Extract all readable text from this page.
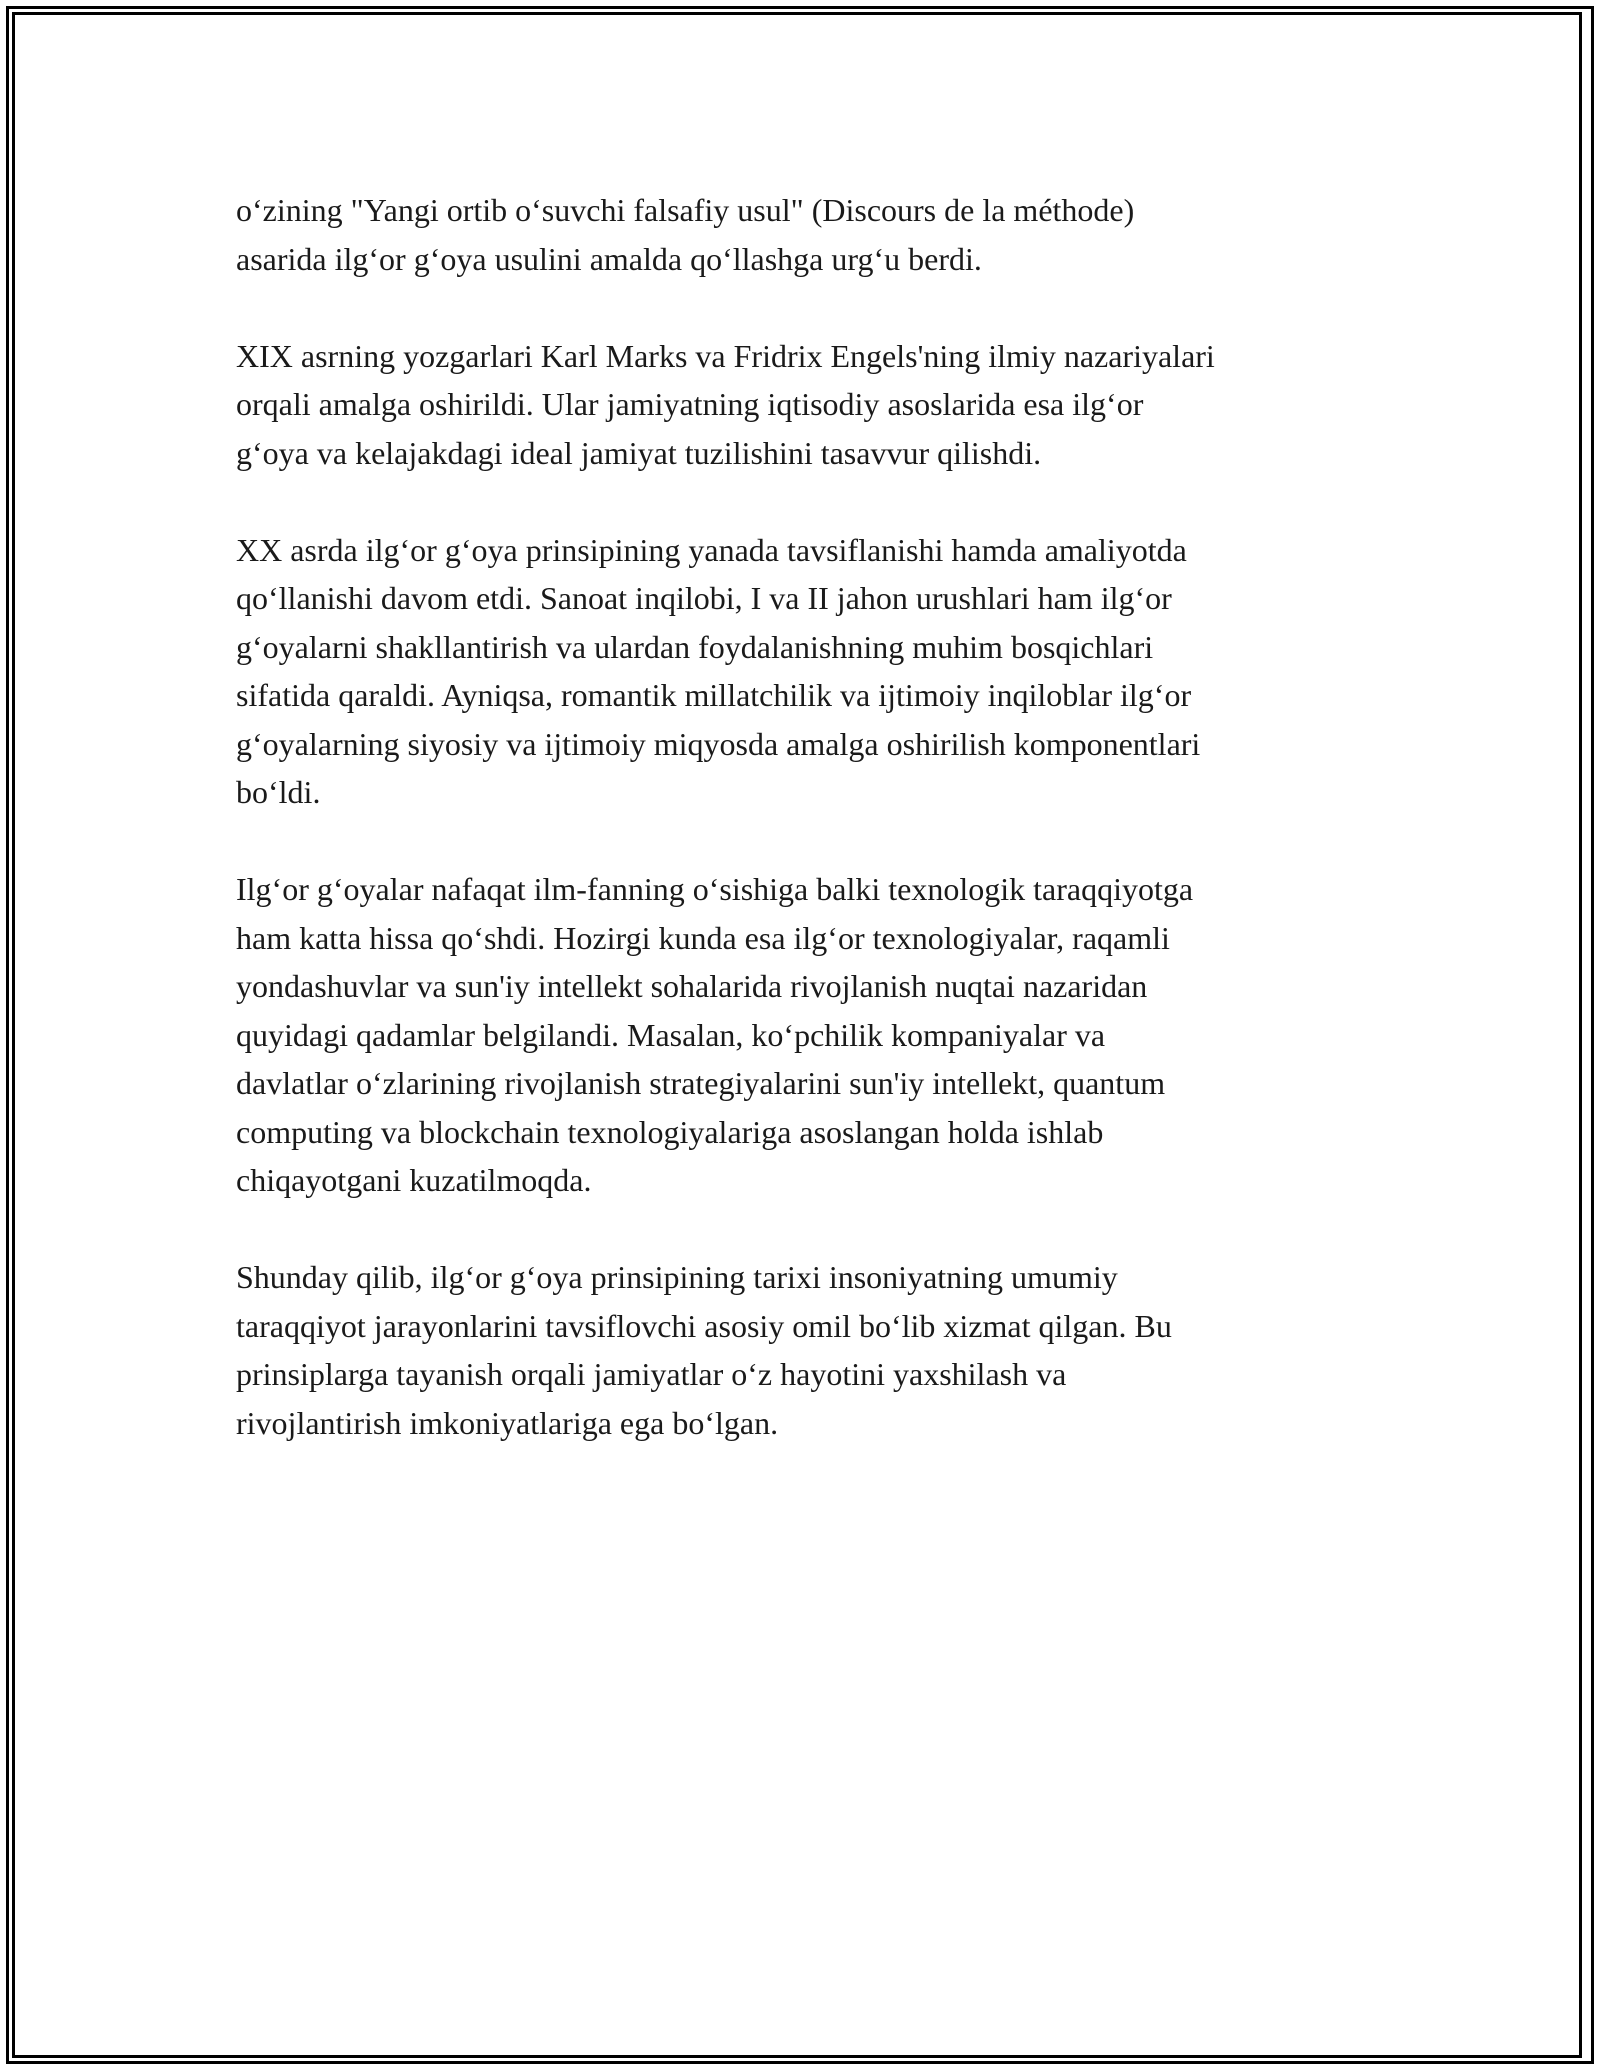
o‘zining "Yangi ortib o‘suvchi falsafiy usul" (Discours de la méthode)
asarida ilg‘or g‘oya usulini amalda qo‘llashga urg‘u berdi.

XIX asrning yozgarlari Karl Marks va Fridrix Engels'ning ilmiy nazariyalari
orqali amalga oshirildi. Ular jamiyatning iqtisodiy asoslarida esa ilg‘or
g‘oya va kelajakdagi ideal jamiyat tuzilishini tasavvur qilishdi.

XX asrda ilg‘or g‘oya prinsipining yanada tavsiflanishi hamda amaliyotda
qo‘llanishi davom etdi. Sanoat inqilobi, I va II jahon urushlari ham ilg‘or
g‘oyalarni shakllantirish va ulardan foydalanishning muhim bosqichlari
sifatida qaraldi. Ayniqsa, romantik millatchilik va ijtimoiy inqiloblar ilg‘or
g‘oyalarning siyosiy va ijtimoiy miqyosda amalga oshirilish komponentlari
bo‘ldi.

Ilg‘or g‘oyalar nafaqat ilm-fanning o‘sishiga balki texnologik taraqqiyotga
ham katta hissa qo‘shdi. Hozirgi kunda esa ilg‘or texnologiyalar, raqamli
yondashuvlar va sun'iy intellekt sohalarida rivojlanish nuqtai nazaridan
quyidagi qadamlar belgilandi. Masalan, ko‘pchilik kompaniyalar va
davlatlar o‘zlarining rivojlanish strategiyalarini sun'iy intellekt, quantum
computing va blockchain texnologiyalariga asoslangan holda ishlab
chiqayotgani kuzatilmoqda.

Shunday qilib, ilg‘or g‘oya prinsipining tarixi insoniyatning umumiy
taraqqiyot jarayonlarini tavsiflovchi asosiy omil bo‘lib xizmat qilgan. Bu
prinsiplarga tayanish orqali jamiyatlar o‘z hayotini yaxshilash va
rivojlantirish imkoniyatlariga ega bo‘lgan.
